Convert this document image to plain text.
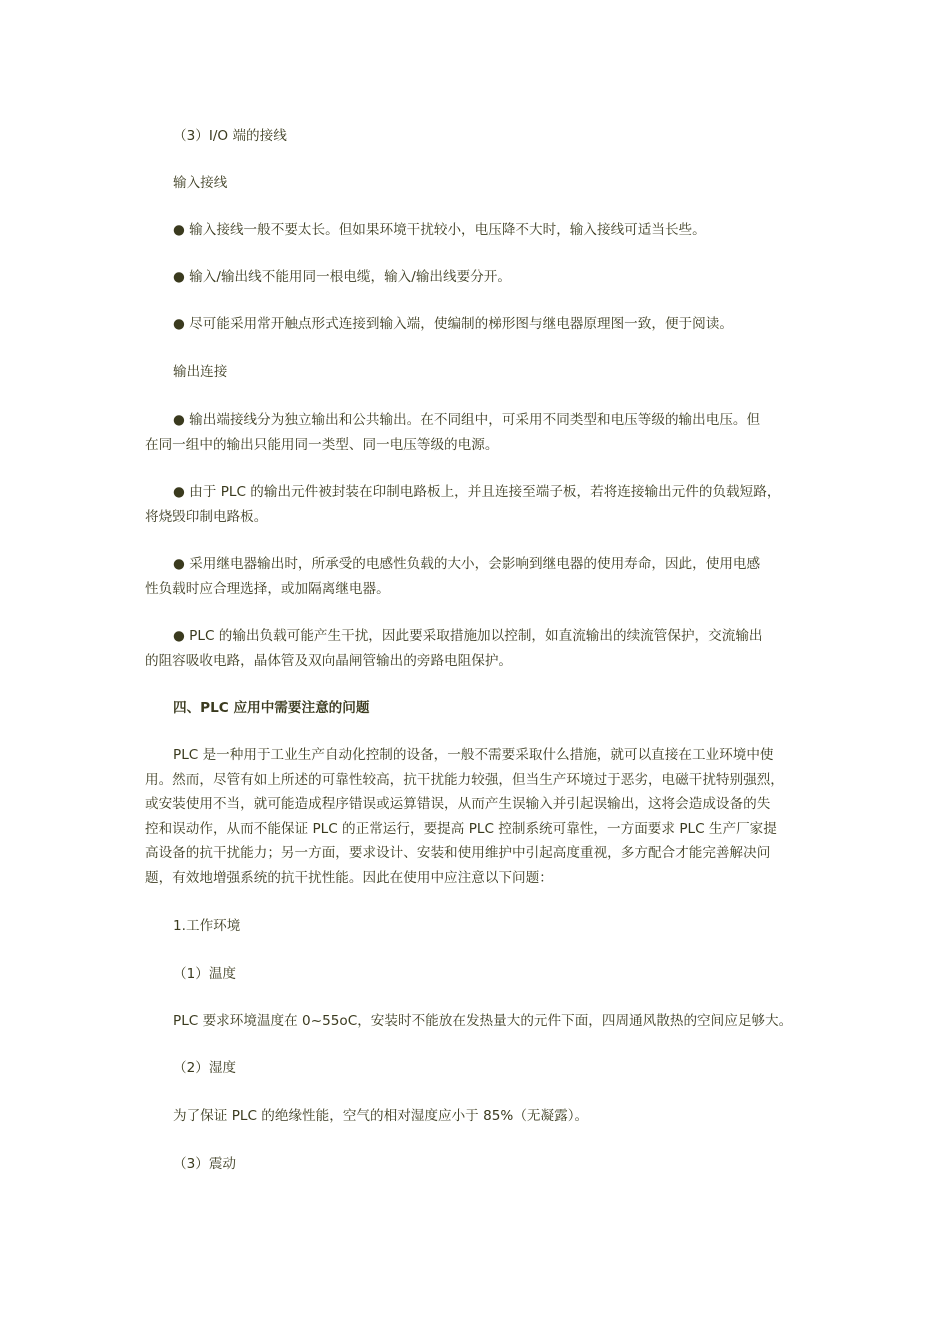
（3）I/O 端的接线
输入接线
● 输入接线一般不要太长。但如果环境干扰较小，电压降不大时，输入接线可适当长些。
● 输入/输出线不能用同一根电缆，输入/输出线要分开。
● 尽可能采用常开触点形式连接到输入端，使编制的梯形图与继电器原理图一致，便于阅读。
输出连接
● 输出端接线分为独立输出和公共输出。在不同组中，可采用不同类型和电压等级的输出电压。但
在同一组中的输出只能用同一类型、同一电压等级的电源。
● 由于 PLC 的输出元件被封装在印制电路板上，并且连接至端子板，若将连接输出元件的负载短路，
将烧毁印制电路板。
● 采用继电器输出时，所承受的电感性负载的大小，会影响到继电器的使用寿命，因此，使用电感
性负载时应合理选择，或加隔离继电器。
● PLC 的输出负载可能产生干扰，因此要采取措施加以控制，如直流输出的续流管保护，交流输出
的阻容吸收电路，晶体管及双向晶闸管输出的旁路电阻保护。
四、PLC 应用中需要注意的问题
PLC 是一种用于工业生产自动化控制的设备，一般不需要采取什么措施，就可以直接在工业环境中使
用。然而，尽管有如上所述的可靠性较高，抗干扰能力较强，但当生产环境过于恶劣，电磁干扰特别强烈，
或安装使用不当，就可能造成程序错误或运算错误，从而产生误输入并引起误输出，这将会造成设备的失
控和误动作，从而不能保证 PLC 的正常运行，要提高 PLC 控制系统可靠性，一方面要求 PLC 生产厂家提
高设备的抗干扰能力；另一方面，要求设计、安装和使用维护中引起高度重视，多方配合才能完善解决问
题，有效地增强系统的抗干扰性能。因此在使用中应注意以下问题：
1.工作环境
（1）温度
PLC 要求环境温度在 0~55oC，安装时不能放在发热量大的元件下面，四周通风散热的空间应足够大。
（2）湿度
为了保证 PLC 的绝缘性能，空气的相对湿度应小于 85%（无凝露）。
（3）震动
